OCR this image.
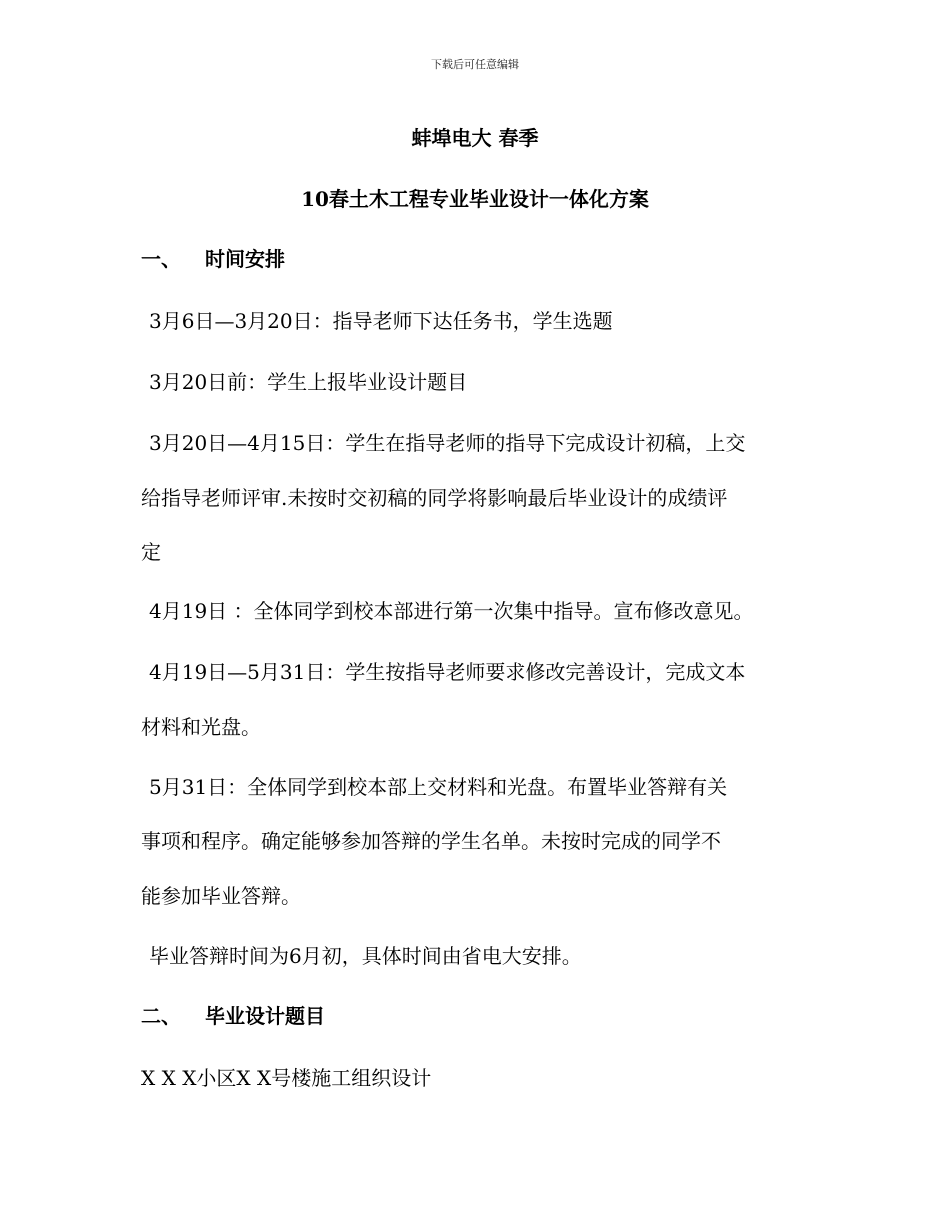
下载后可任意编辑
蚌埠电大 春季
10春土木工程专业毕业设计一体化方案
一、 时间安排
3月6日—3月20日：指导老师下达任务书，学生选题
3月20日前：学生上报毕业设计题目
3月20日—4月15日：学生在指导老师的指导下完成设计初稿，上交
给指导老师评审.未按时交初稿的同学将影响最后毕业设计的成绩评
定
4月19日 ：全体同学到校本部进行第一次集中指导。宣布修改意见。
4月19日—5月31日：学生按指导老师要求修改完善设计，完成文本
材料和光盘。
5月31日：全体同学到校本部上交材料和光盘。布置毕业答辩有关
事项和程序。确定能够参加答辩的学生名单。未按时完成的同学不
能参加毕业答辩。
毕业答辩时间为6月初，具体时间由省电大安排。
二、 毕业设计题目
X X X小区X X号楼施工组织设计
